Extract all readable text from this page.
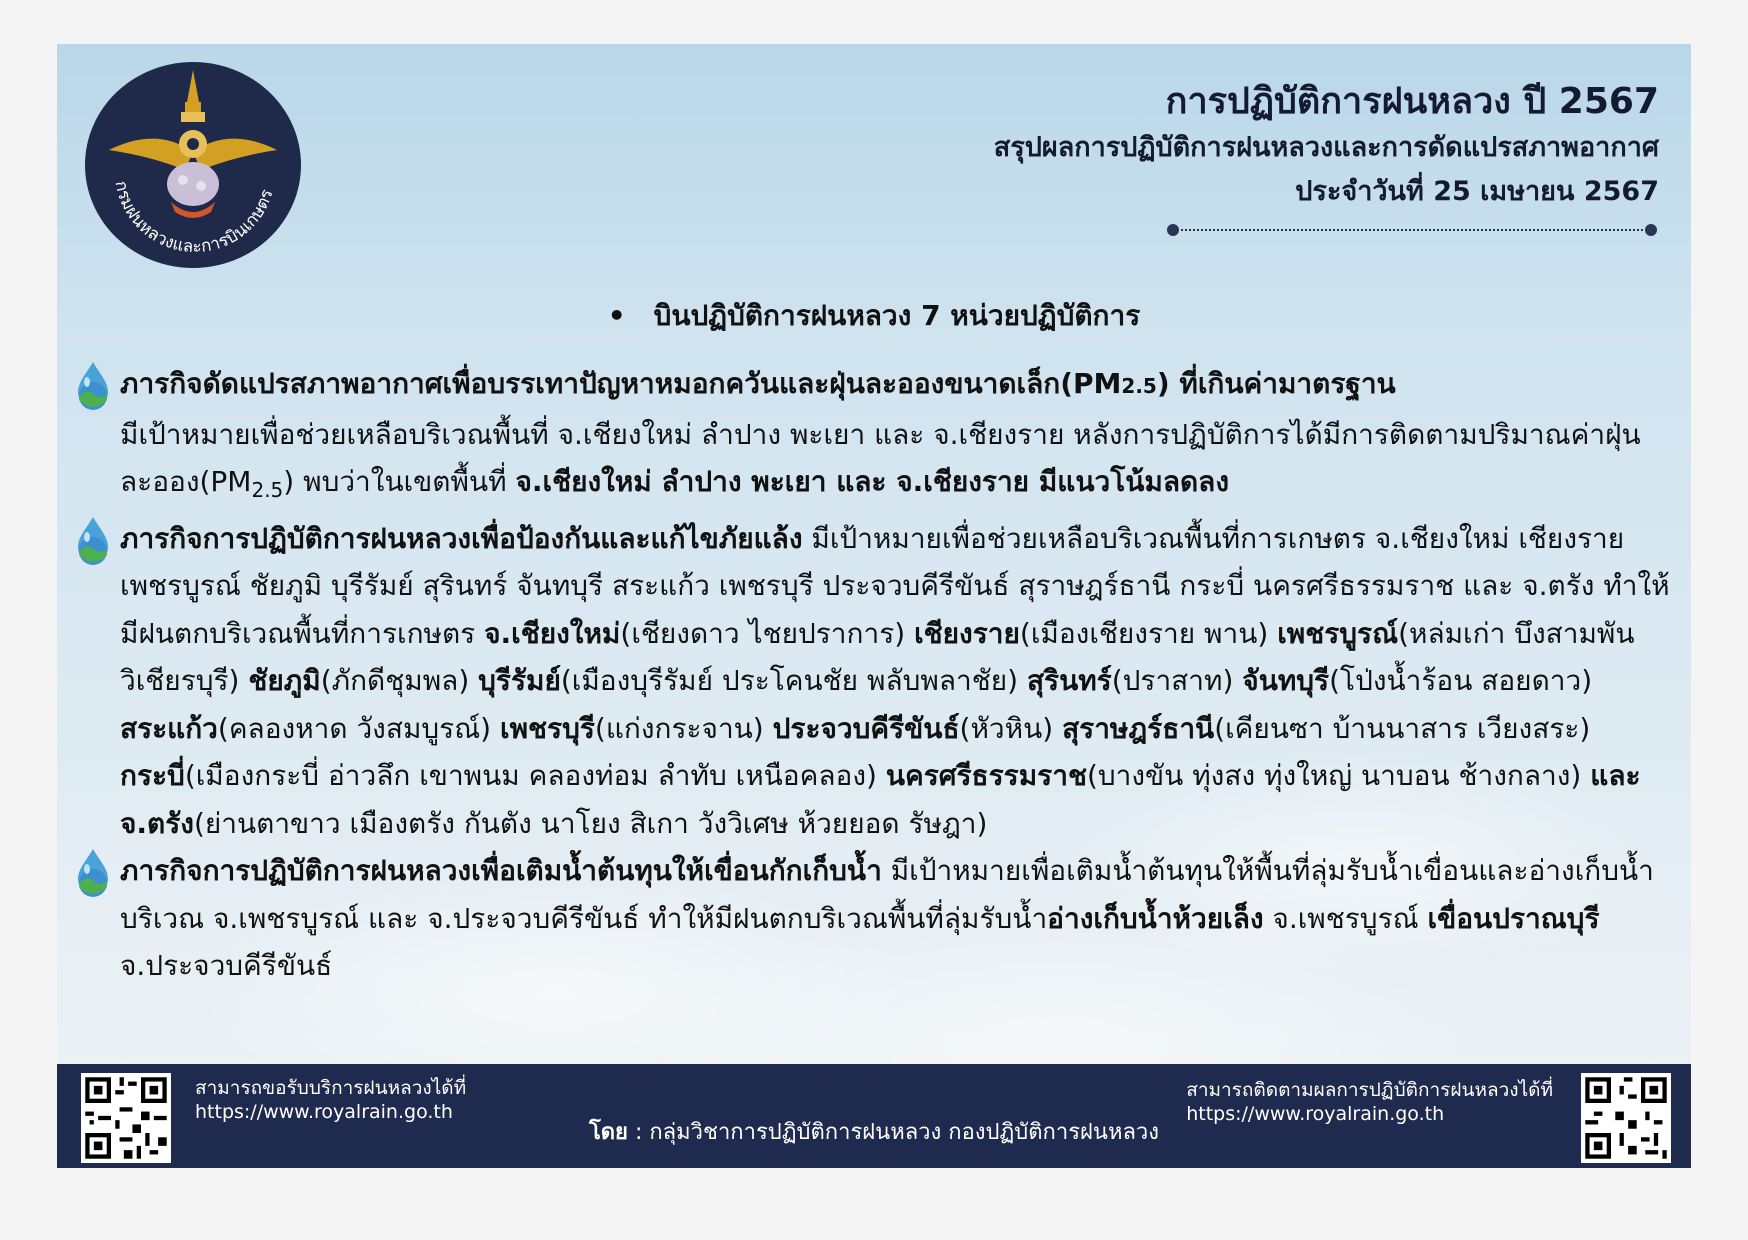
กรมฝนหลวงและการบินเกษตร
การปฏิบัติการฝนหลวง ปี 2567
สรุปผลการปฏิบัติการฝนหลวงและการดัดแปรสภาพอากาศ
ประจำวันที่ 25 เมษายน 2567
• บินปฏิบัติการฝนหลวง 7 หน่วยปฏิบัติการ
ภารกิจดัดแปรสภาพอากาศเพื่อบรรเทาปัญหาหมอกควันและฝุ่นละอองขนาดเล็ก(PM2.5) ที่เกินค่ามาตรฐาน
มีเป้าหมายเพื่อช่วยเหลือบริเวณพื้นที่ จ.เชียงใหม่ ลำปาง พะเยา และ จ.เชียงราย หลังการปฏิบัติการได้มีการติดตามปริมาณค่าฝุ่นละออง$(PM_{2.5})$ พบว่าในเขตพื้นที่ จ.เชียงใหม่ ลำปาง พะเยา และ จ.เชียงราย มีแนวโน้มลดลง
ภารกิจการปฏิบัติการฝนหลวงเพื่อป้องกันและแก้ไขภัยแล้ง มีเป้าหมายเพื่อช่วยเหลือบริเวณพื้นที่การเกษตร จ.เชียงใหม่ เชียงราย เพชรบูรณ์ ชัยภูมิ บุรีรัมย์ สุรินทร์ จันทบุรี สระแก้ว เพชรบุรี ประจวบคีรีขันธ์ สุราษฎร์ธานี กระบี่ นครศรีธรรมราช และ จ.ตรัง ทำให้มีฝนตกบริเวณพื้นที่การเกษตร จ.เชียงใหม่(เชียงดาว ไชยปราการ) เชียงราย(เมืองเชียงราย พาน) เพชรบูรณ์(หล่มเก่า บึงสามพัน วิเชียรบุรี) ชัยภูมิ(ภักดีชุมพล) บุรีรัมย์(เมืองบุรีรัมย์ ประโคนชัย พลับพลาชัย) สุรินทร์(ปราสาท) จันทบุรี(โป่งน้ำร้อน สอยดาว) สระแก้ว(คลองหาด วังสมบูรณ์) เพชรบุรี(แก่งกระจาน) ประจวบคีรีขันธ์(หัวหิน) สุราษฎร์ธานี(เคียนซา บ้านนาสาร เวียงสระ) กระบี่(เมืองกระบี่ อ่าวลึก เขาพนม คลองท่อม ลำทับ เหนือคลอง) นครศรีธรรมราช(บางขัน ทุ่งสง ทุ่งใหญ่ นาบอน ช้างกลาง) และ จ.ตรัง(ย่านตาขาว เมืองตรัง กันตัง นาโยง สิเกา วังวิเศษ ห้วยยอด รัษฎา)
ภารกิจการปฏิบัติการฝนหลวงเพื่อเติมน้ำต้นทุนให้เขื่อนกักเก็บน้ำ มีเป้าหมายเพื่อเติมน้ำต้นทุนให้พื้นที่ลุ่มรับน้ำเขื่อนและอ่างเก็บน้ำบริเวณ จ.เพชรบูรณ์ และ จ.ประจวบคีรีขันธ์ ทำให้มีฝนตกบริเวณพื้นที่ลุ่มรับน้ำอ่างเก็บน้ำห้วยเล็ง จ.เพชรบูรณ์ เขื่อนปราณบุรี จ.ประจวบคีรีขันธ์
สามารถขอรับบริการฝนหลวงได้ที่
https://www.royalrain.go.th
โดย : กลุ่มวิชาการปฏิบัติการฝนหลวง กองปฏิบัติการฝนหลวง
สามารถติดตามผลการปฏิบัติการฝนหลวงได้ที่
https://www.royalrain.go.th
